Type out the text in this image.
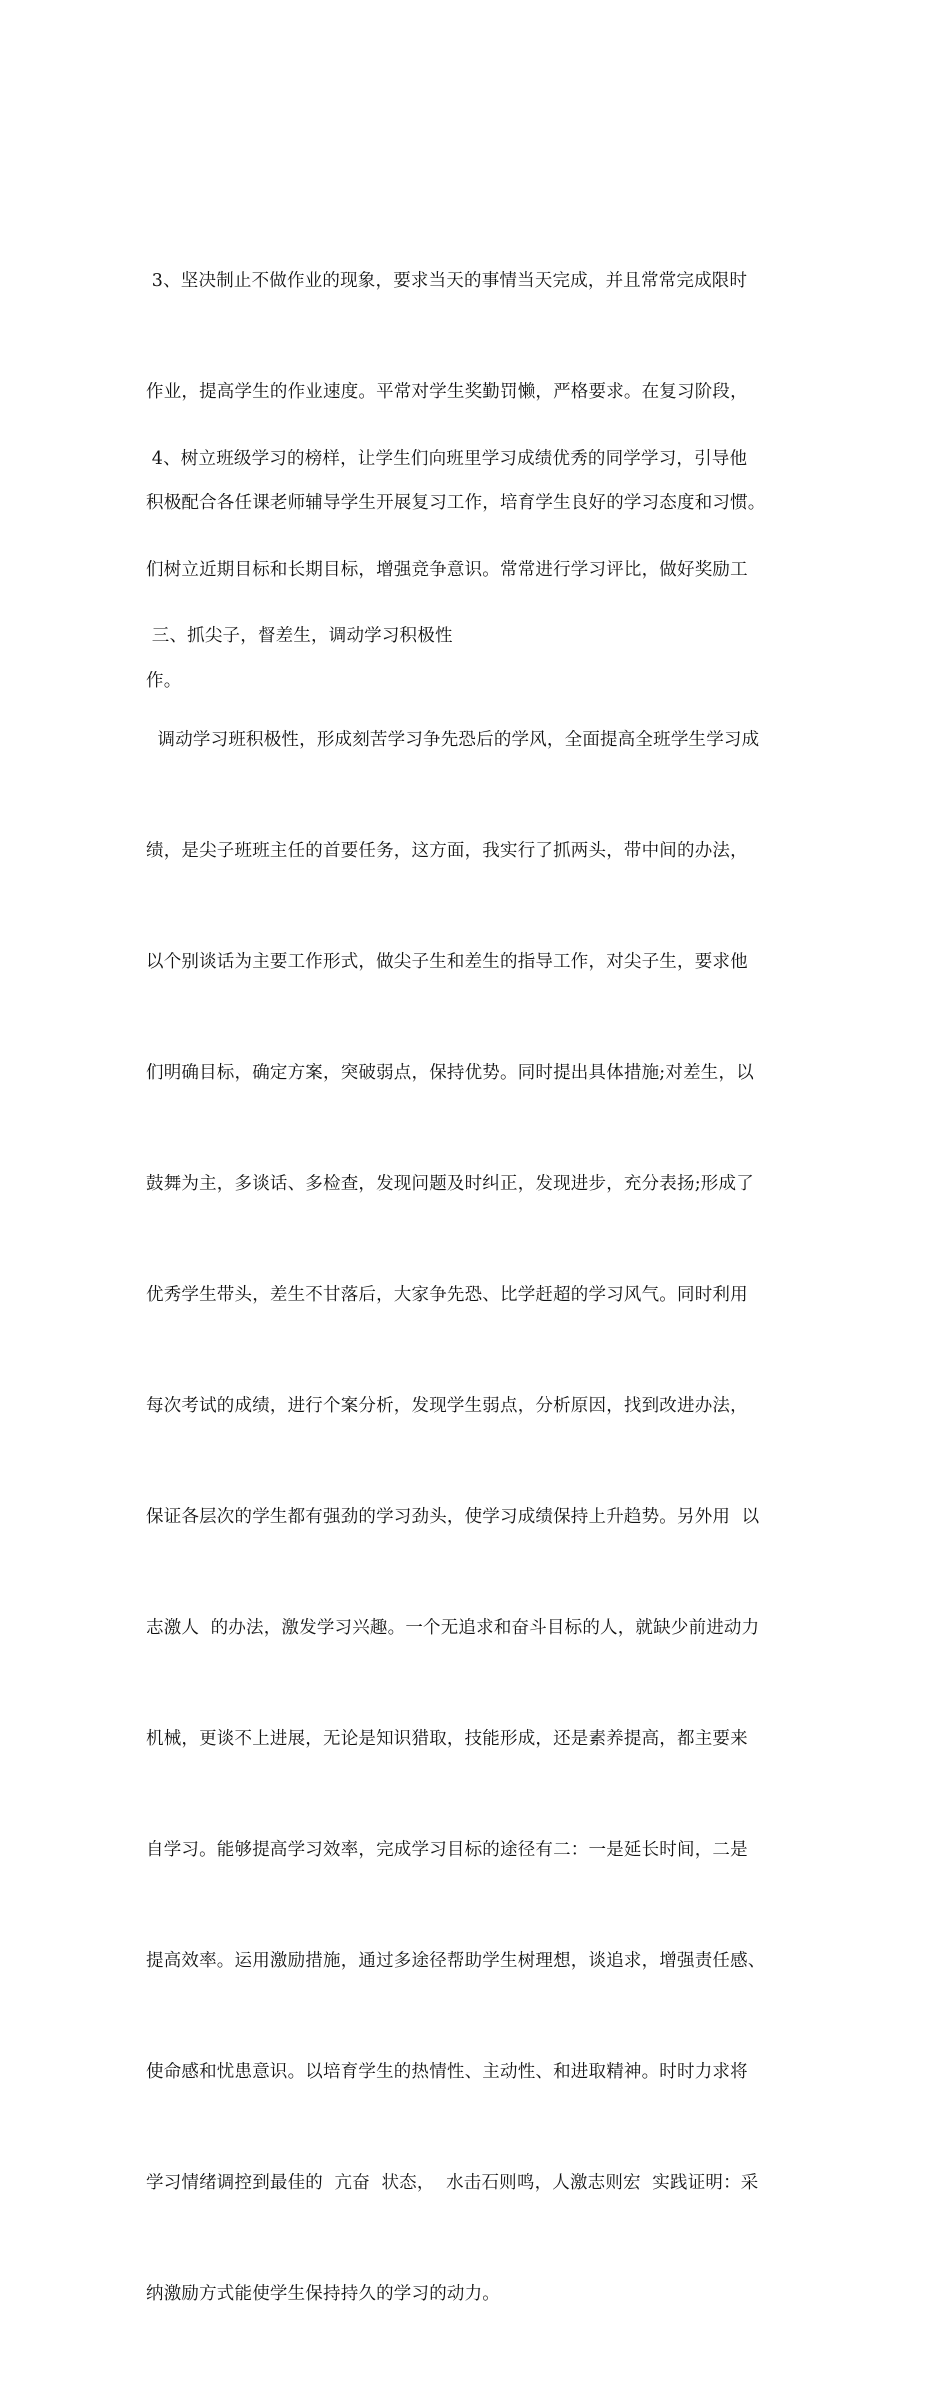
3、坚决制止不做作业的现象，要求当天的事情当天完成，并且常常完成限时

作业，提高学生的作业速度。平常对学生奖勤罚懒，严格要求。在复习阶段，

积极配合各任课老师辅导学生开展复习工作，培育学生良好的学习态度和习惯。

4、树立班级学习的榜样，让学生们向班里学习成绩优秀的同学学习，引导他

们树立近期目标和长期目标，增强竞争意识。常常进行学习评比，做好奖励工

作。

三、抓尖子，督差生，调动学习积极性

调动学习班积极性，形成刻苦学习争先恐后的学风，全面提高全班学生学习成

绩，是尖子班班主任的首要任务，这方面，我实行了抓两头，带中间的办法，

以个别谈话为主要工作形式，做尖子生和差生的指导工作，对尖子生，要求他

们明确目标，确定方案，突破弱点，保持优势。同时提出具体措施;对差生，以

鼓舞为主，多谈话、多检查，发现问题及时纠正，发现进步，充分表扬;形成了

优秀学生带头，差生不甘落后，大家争先恐、比学赶超的学习风气。同时利用

每次考试的成绩，进行个案分析，发现学生弱点，分析原因，找到改进办法，

保证各层次的学生都有强劲的学习劲头，使学习成绩保持上升趋势。另外用  以

志激人  的办法，激发学习兴趣。一个无追求和奋斗目标的人，就缺少前进动力

机械，更谈不上进展，无论是知识猎取，技能形成，还是素养提高，都主要来

自学习。能够提高学习效率，完成学习目标的途径有二：一是延长时间，二是

提高效率。运用激励措施，通过多途径帮助学生树理想，谈追求，增强责任感、

使命感和忧患意识。以培育学生的热情性、主动性、和进取精神。时时力求将

学习情绪调控到最佳的  亢奋  状态，  水击石则鸣，人激志则宏  实践证明：采

纳激励方式能使学生保持持久的学习的动力。
